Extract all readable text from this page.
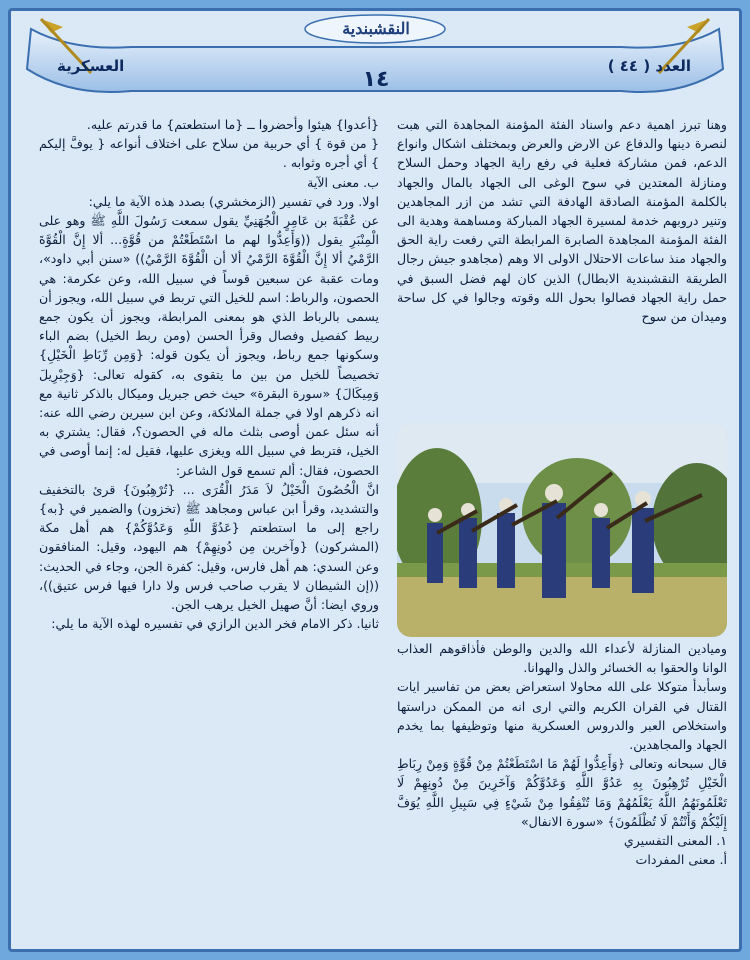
النقشبندية
العدد ( ٤٤ )
العسكرية
١٤

وهنا تبرز اهمية دعم واسناد الفئة المؤمنة المجاهدة التي هبت لنصرة دينها والدفاع عن الارض والعرض وبمختلف اشكال وانواع الدعم، فمن مشاركة فعلية في رفع راية الجهاد وحمل السلاح ومنازلة المعتدين في سوح الوغى الى الجهاد بالمال والجهاد بالكلمة المؤمنة الصادقة الهادفة التي تشد من ازر المجاهدين وتنير دروبهم خدمة لمسيرة الجهاد المباركة ومساهمة وهدية الى الفئة المؤمنة المجاهدة الصابرة المرابطة التي رفعت راية الحق والجهاد منذ ساعات الاحتلال الاولى الا وهم (مجاهدو جيش رجال الطريقة النقشبندية الابطال) الذين كان لهم فضل السبق في حمل راية الجهاد فصالوا بحول الله وقوته وجالوا في كل ساحة وميدان من سوح

وميادين المنازلة لأعداء الله والدين والوطن فأذاقوهم العذاب الوانا والحقوا به الخسائر والذل والهوانا.

وسأبدأ متوكلا على الله محاولا استعراض بعض من تفاسير ايات القتال في القران الكريم والتي ارى انه من الممكن دراستها واستخلاص العبر والدروس العسكرية منها وتوظيفها بما يخدم الجهاد والمجاهدين.

قال سبحانه وتعالى ﴿وَأَعِدُّوا لَهُمْ مَا اسْتَطَعْتُمْ مِنْ قُوَّةٍ وَمِنْ رِبَاطِ الْخَيْلِ تُرْهِبُونَ بِهِ عَدُوَّ اللَّهِ وَعَدُوَّكُمْ وَآخَرِينَ مِنْ دُونِهِمْ لَا تَعْلَمُونَهُمُ اللَّهُ يَعْلَمُهُمْ وَمَا تُنْفِقُوا مِنْ شَيْءٍ فِي سَبِيلِ اللَّهِ يُوَفَّ إِلَيْكُمْ وَأَنْتُمْ لَا تُظْلَمُونَ﴾ «سورة الانفال»

١. المعنى التفسيري

أ. معنى المفردات

{أعدوا} هيئوا وأحضروا ــ {ما استطعتم} ما قدرتم عليه.

{ من قوة } أي حربية من سلاح على اختلاف أنواعه { يوفَّ إليكم } أي أجره وثوابه .

ب. معنى الآية

اولا. ورد في تفسير (الزمخشري) بصدد هذه الآية ما يلي:

عن عُقْبَةَ بن عَامِرٍ الْجُهَنِيِّ يقول سمعت رَسُولَ اللَّهِ ﷺ وهو على الْمِنْبَرِ يقول ((وَأَعِدُّوا لهم ما اسْتَطَعْتُمْ من قُوَّةٍ... ألا إِنَّ الْقُوَّةَ الرَّمْيُ ألا إِنَّ الْقُوَّةَ الرَّمْيُ ألا أن الْقُوَّةَ الرَّمْيُ)) «سنن أبي داود»، ومات عقبة عن سبعين قوساً في سبيل الله، وعن عكرمة: هي الحصون، والرباط: اسم للخيل التي تربط في سبيل الله، ويجوز أن يسمى بالرباط الذي هو بمعنى المرابطة، ويجوز أن يكون جمع ربيط كفصيل وفصال وقرأ الحسن (ومن ربط الخيل) بضم الباء وسكونها جمع رباط، ويجوز أن يكون قوله: {وَمِن رِّبَاطِ الْخَيْلِ} تخصيصاً للخيل من بين ما يتقوى به، كقوله تعالى: {وَجِبْرِيلَ وَمِيكَالَ} «سورة البقرة» حيث خص جبريل وميكال بالذكر ثانية مع انه ذكرهم اولا في جملة الملائكة، وعن ابن سيرين رضي الله عنه: أنه سئل عمن أوصى بثلث ماله في الحصون؟، فقال: يشتري به الخيل، فتربط في سبيل الله ويغزى عليها، فقيل له: إنما أوصى في الحصون، فقال: ألم تسمع قول الشاعر:

انَّ الْحُصُونَ الْخَيْلُ لاَ مَدَرُ الْقُرَى ... {تُرْهِبُونَ} قرئ بالتخفيف والتشديد، وقرأ ابن عباس ومجاهد ﷺ (تخزون) والضمير في {به} راجع إلى ما استطعتم {عَدُوَّ اللّهِ وَعَدُوَّكُمْ} هم أهل مكة (المشركون) {وآخرين مِن دُونِهِمْ} هم اليهود، وقيل: المنافقون وعن السدي: هم أهل فارس، وقيل: كفرة الجن، وجاء في الحديث: ((إن الشيطان لا يقرب صاحب فرس ولا دارا فيها فرس عتيق))، وروي ايضا: أنَّ صهيل الخيل يرهب الجن.

ثانيا. ذكر الامام فخر الدين الرازي في تفسيره لهذه الآية ما يلي:
